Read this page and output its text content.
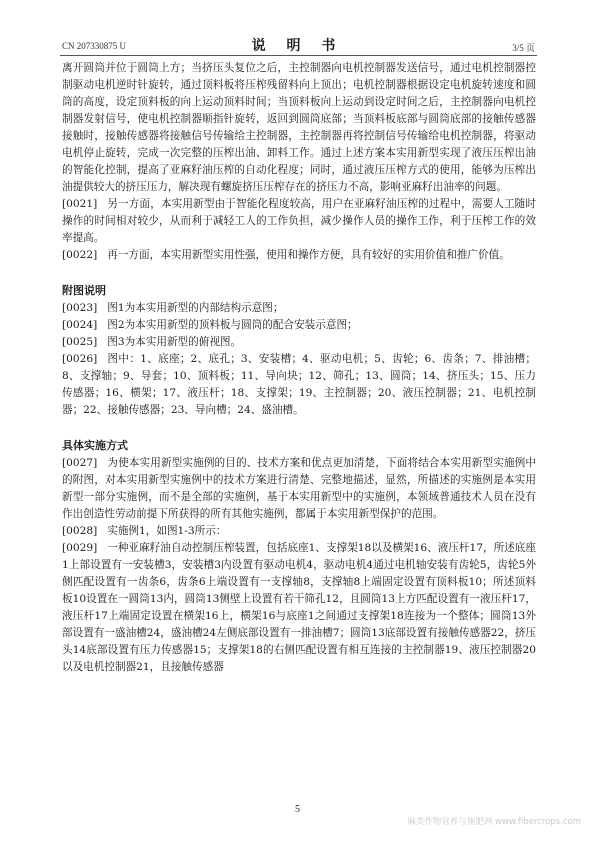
CN 207330875 U	说 明 书	3/5 页

离开圆筒并位于圆筒上方；当挤压头复位之后，主控制器向电机控制器发送信号，通过电机控制器控制驱动电机逆时针旋转，通过顶料板将压榨残留料向上顶出；电机控制器根据设定电机旋转速度和圆筒的高度，设定顶料板的向上运动顶料时间；当顶料板向上运动到设定时间之后，主控制器向电机控制器发射信号，使电机控制器顺指针旋转，返回到圆筒底部；当顶料板底部与圆筒底部的接触传感器接触时，接触传感器将接触信号传输给主控制器，主控制器再将控制信号传输给电机控制器，将驱动电机停止旋转，完成一次完整的压榨出油、卸料工作。通过上述方案本实用新型实现了液压压榨出油的智能化控制，提高了亚麻籽油压榨的自动化程度；同时，通过液压压榨方式的使用，能够为压榨出油提供较大的挤压压力，解决现有螺旋挤压压榨存在的挤压力不高，影响亚麻籽出油率的问题。

[0021] 另一方面，本实用新型由于智能化程度较高，用户在亚麻籽油压榨的过程中，需要人工随时操作的时间相对较少，从而利于减轻工人的工作负担，减少操作人员的操作工作，利于压榨工作的效率提高。

[0022] 再一方面，本实用新型实用性强，使用和操作方便，具有较好的实用价值和推广价值。

附图说明

[0023] 图1为本实用新型的内部结构示意图；

[0024] 图2为本实用新型的顶料板与圆筒的配合安装示意图；

[0025] 图3为本实用新型的俯视图。

[0026] 图中：1、底座；2、底孔；3、安装槽；4、驱动电机；5、齿轮；6、齿条；7、排油槽；8、支撑轴；9、导套；10、顶料板；11、导向块；12、筛孔；13、圆筒；14、挤压头；15、压力传感器；16、横架；17、液压杆；18、支撑架；19、主控制器；20、液压控制器；21、电机控制器；22、接触传感器；23、导向槽；24、盛油槽。

具体实施方式

[0027] 为使本实用新型实施例的目的、技术方案和优点更加清楚，下面将结合本实用新型实施例中的附图，对本实用新型实施例中的技术方案进行清楚、完整地描述，显然，所描述的实施例是本实用新型一部分实施例，而不是全部的实施例，基于本实用新型中的实施例，本领域普通技术人员在没有作出创造性劳动前提下所获得的所有其他实施例，都属于本实用新型保护的范围。

[0028] 实施例1，如图1-3所示：

[0029] 一种亚麻籽油自动控制压榨装置，包括底座1、支撑架18以及横架16、液压杆17，所述底座1上部设置有一安装槽3，安装槽3内设置有驱动电机4，驱动电机4通过电机轴安装有齿轮5，齿轮5外侧匹配设置有一齿条6，齿条6上端设置有一支撑轴8，支撑轴8上端固定设置有顶料板10；所述顶料板10设置在一圆筒13内，圆筒13侧壁上设置有若干筛孔12，且圆筒13上方匹配设置有一液压杆17，液压杆17上端固定设置在横架16上，横架16与底座1之间通过支撑架18连接为一个整体；圆筒13外部设置有一盛油槽24，盛油槽24左侧底部设置有一排油槽7；圆筒13底部设置有接触传感器22，挤压头14底部设置有压力传感器15；支撑架18的右侧匹配设置有相互连接的主控制器19、液压控制器20以及电机控制器21，且接触传感器

5
麻类作物营养与施肥网 www.fibercrops.com
